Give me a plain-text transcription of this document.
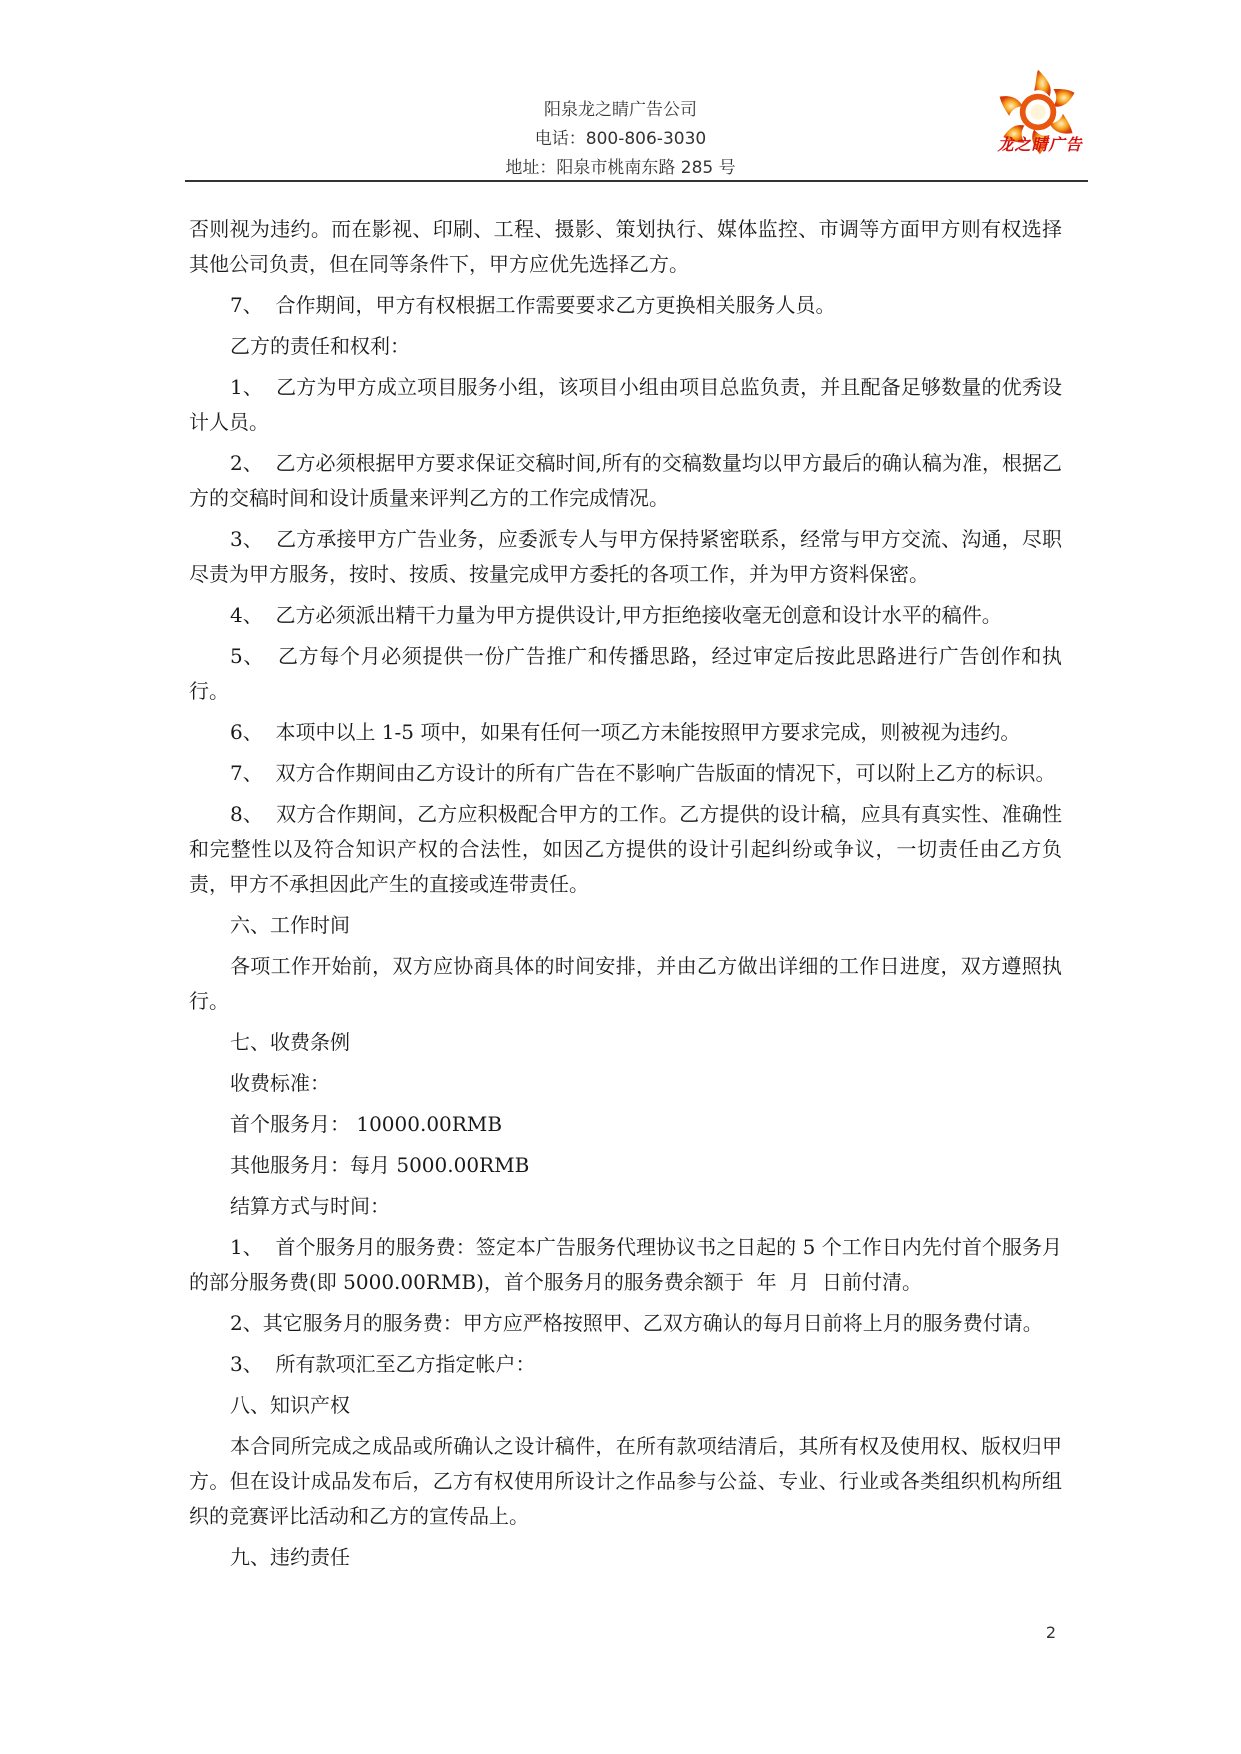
阳泉龙之睛广告公司
电话：800-806-3030
地址：阳泉市桃南东路 285 号
龙之睛广告

否则视为违约。而在影视、印刷、工程、摄影、策划执行、媒体监控、市调等方面甲方则有权选择其他公司负责，但在同等条件下，甲方应优先选择乙方。

7、  合作期间，甲方有权根据工作需要要求乙方更换相关服务人员。

乙方的责任和权利：

1、  乙方为甲方成立项目服务小组，该项目小组由项目总监负责，并且配备足够数量的优秀设计人员。

2、  乙方必须根据甲方要求保证交稿时间,所有的交稿数量均以甲方最后的确认稿为准，根据乙方的交稿时间和设计质量来评判乙方的工作完成情况。

3、  乙方承接甲方广告业务，应委派专人与甲方保持紧密联系，经常与甲方交流、沟通，尽职尽责为甲方服务，按时、按质、按量完成甲方委托的各项工作，并为甲方资料保密。

4、  乙方必须派出精干力量为甲方提供设计,甲方拒绝接收毫无创意和设计水平的稿件。

5、  乙方每个月必须提供一份广告推广和传播思路，经过审定后按此思路进行广告创作和执行。

6、  本项中以上 1-5 项中，如果有任何一项乙方未能按照甲方要求完成，则被视为违约。

7、  双方合作期间由乙方设计的所有广告在不影响广告版面的情况下，可以附上乙方的标识。

8、  双方合作期间，乙方应积极配合甲方的工作。乙方提供的设计稿，应具有真实性、准确性和完整性以及符合知识产权的合法性，如因乙方提供的设计引起纠纷或争议，一切责任由乙方负责，甲方不承担因此产生的直接或连带责任。

六、工作时间

各项工作开始前，双方应协商具体的时间安排，并由乙方做出详细的工作日进度，双方遵照执行。

七、收费条例

收费标准：

首个服务月： 10000.00RMB

其他服务月：每月 5000.00RMB

结算方式与时间：

1、  首个服务月的服务费：签定本广告服务代理协议书之日起的 5 个工作日内先付首个服务月的部分服务费(即 5000.00RMB)，首个服务月的服务费余额于  年  月  日前付清。

2、其它服务月的服务费：甲方应严格按照甲、乙双方确认的每月日前将上月的服务费付请。

3、  所有款项汇至乙方指定帐户：

八、知识产权

本合同所完成之成品或所确认之设计稿件，在所有款项结清后，其所有权及使用权、版权归甲方。但在设计成品发布后，乙方有权使用所设计之作品参与公益、专业、行业或各类组织机构所组织的竞赛评比活动和乙方的宣传品上。

九、违约责任

2
